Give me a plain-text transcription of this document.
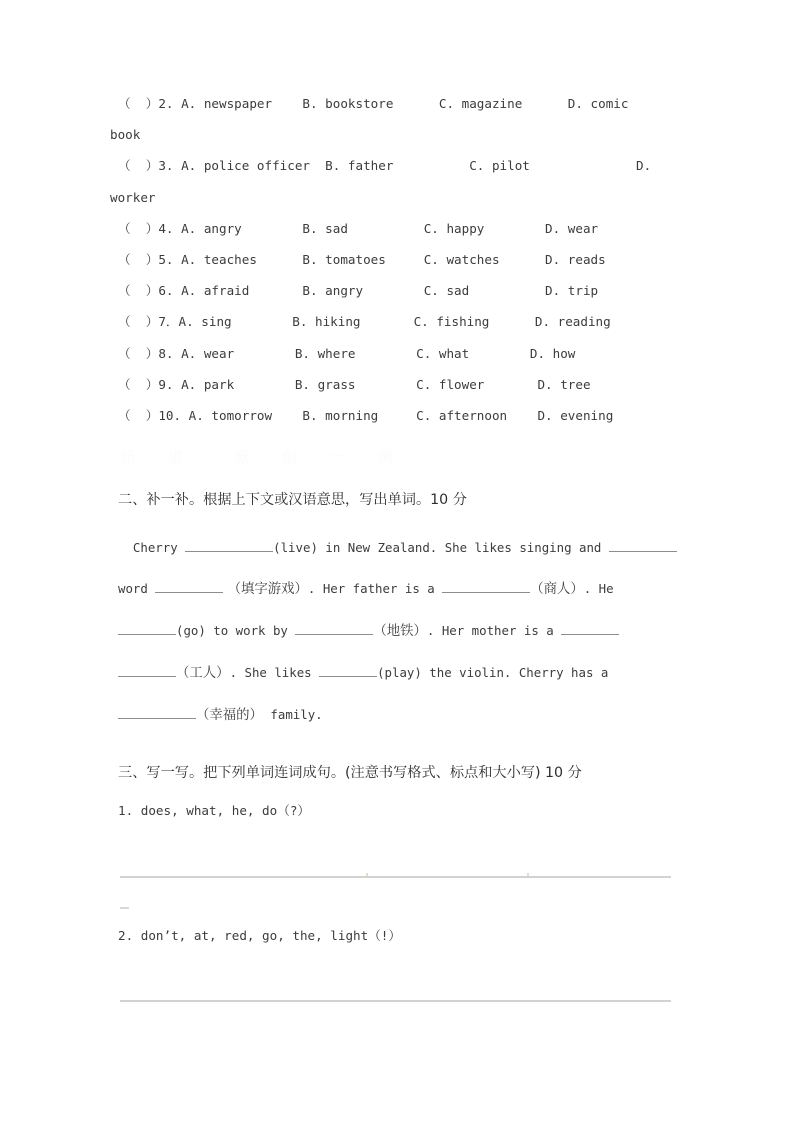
（  ）2. A. newspaper    B. bookstore      C. magazine      D. comic
book
（  ）3. A. police officer  B. father          C. pilot              D.
worker
（  ）4. A. angry        B. sad          C. happy        D. wear
（  ）5. A. teaches      B. tomatoes     C. watches      D. reads
（  ）6. A. afraid       B. angry        C. sad          D. trip
（  ）7．A. sing        B. hiking       C. fishing      D. reading
（  ）8. A. wear        B. where        C. what        D. how
（  ）9. A. park        B. grass        C. flower       D. tree
（  ）10. A. tomorrow    B. morning     C. afternoon    D. evening
原 道  原 创 一 测
二、补一补。根据上下文或汉语意思，写出单词。10 分
Cherry	(live) in New Zealand. She likes singing and
word	（填字游戏）. Her father is a	（商人）. He
(go) to work by	（地铁）. Her mother is a
（工人）. She likes	(play) the violin. Cherry has a
（幸福的） family.
三、写一写。把下列单词连词成句。(注意书写格式、标点和大小写) 10 分
1. does, what, he, do（?）
2. don’t, at, red, go, the, light（!）
